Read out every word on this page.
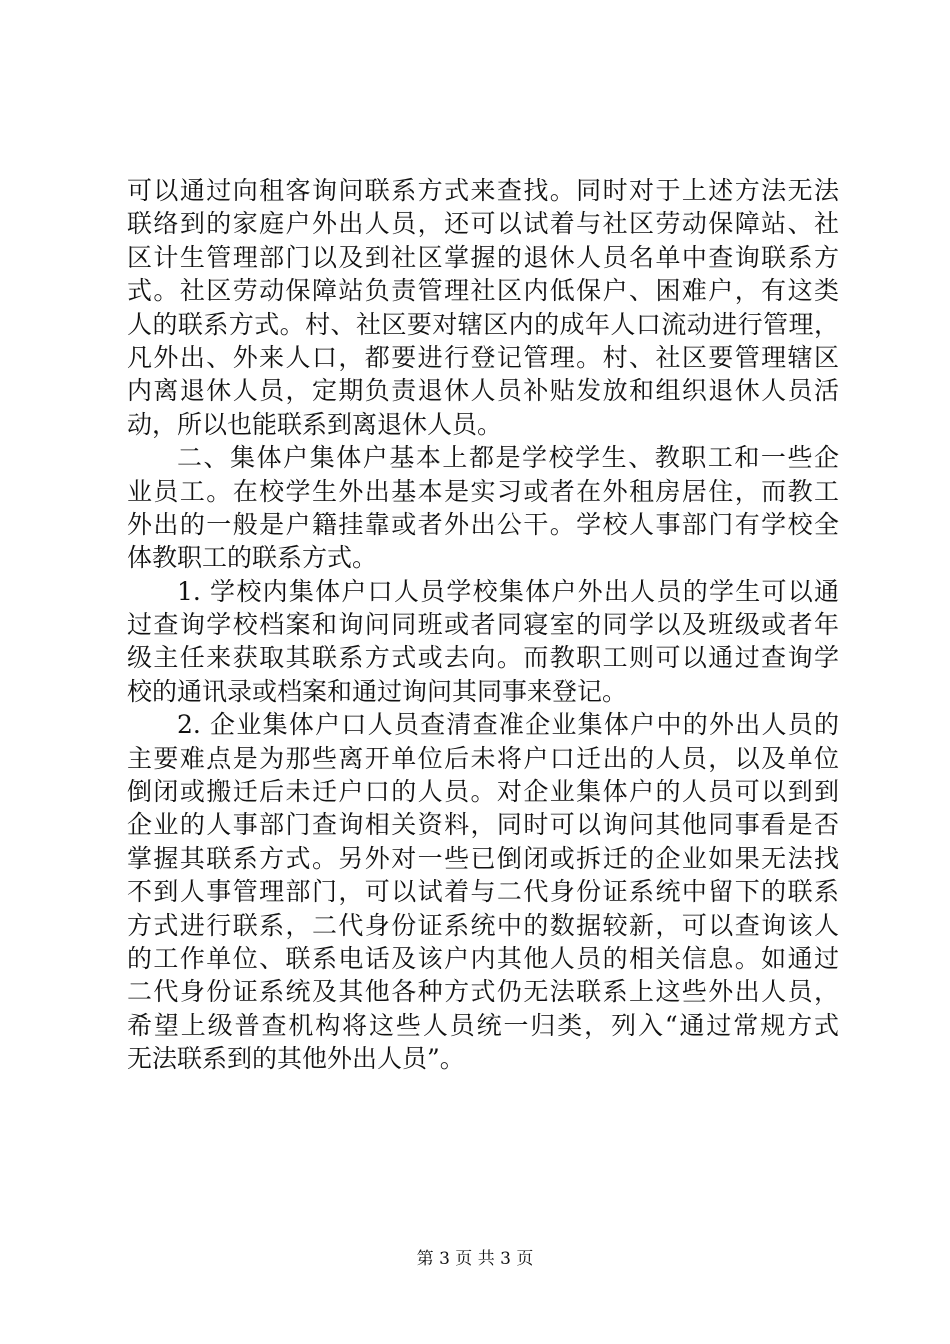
可以通过向租客询问联系方式来查找。同时对于上述方法无法
联络到的家庭户外出人员，还可以试着与社区劳动保障站、社
区计生管理部门以及到社区掌握的退休人员名单中查询联系方
式。社区劳动保障站负责管理社区内低保户、困难户，有这类
人的联系方式。村、社区要对辖区内的成年人口流动进行管理，
凡外出、外来人口，都要进行登记管理。村、社区要管理辖区
内离退休人员，定期负责退休人员补贴发放和组织退休人员活
动，所以也能联系到离退休人员。
二、集体户集体户基本上都是学校学生、教职工和一些企
业员工。在校学生外出基本是实习或者在外租房居住，而教工
外出的一般是户籍挂靠或者外出公干。学校人事部门有学校全
体教职工的联系方式。
1. 学校内集体户口人员学校集体户外出人员的学生可以通
过查询学校档案和询问同班或者同寝室的同学以及班级或者年
级主任来获取其联系方式或去向。而教职工则可以通过查询学
校的通讯录或档案和通过询问其同事来登记。
2. 企业集体户口人员查清查准企业集体户中的外出人员的
主要难点是为那些离开单位后未将户口迁出的人员，以及单位
倒闭或搬迁后未迁户口的人员。对企业集体户的人员可以到到
企业的人事部门查询相关资料，同时可以询问其他同事看是否
掌握其联系方式。另外对一些已倒闭或拆迁的企业如果无法找
不到人事管理部门，可以试着与二代身份证系统中留下的联系
方式进行联系，二代身份证系统中的数据较新，可以查询该人
的工作单位、联系电话及该户内其他人员的相关信息。如通过
二代身份证系统及其他各种方式仍无法联系上这些外出人员，
希望上级普查机构将这些人员统一归类，列入“通过常规方式
无法联系到的其他外出人员”。
第 3 页 共 3 页
